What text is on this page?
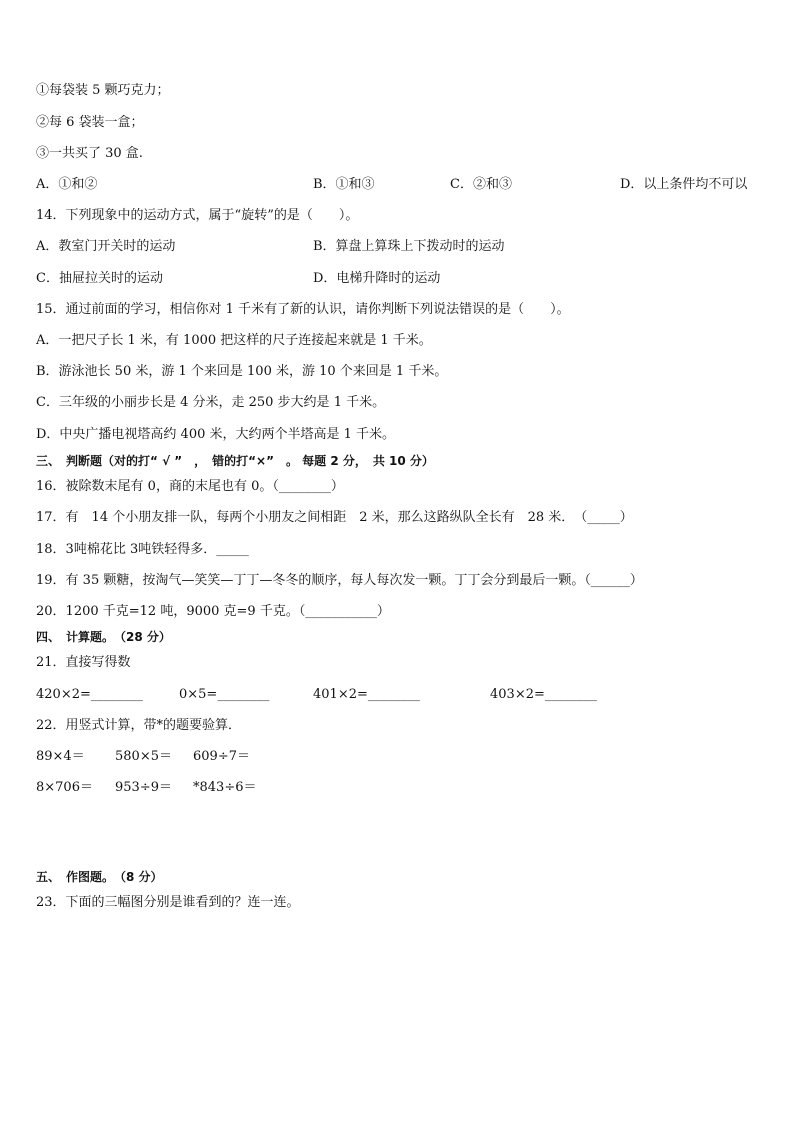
①每袋装 5 颗巧克力；
②每 6 袋装一盒；
③一共买了 30 盒.
A．①和②	B．①和③	C．②和③	D．以上条件均不可以
14．下列现象中的运动方式，属于“旋转”的是（　　）。
A．教室门开关时的运动	B．算盘上算珠上下拨动时的运动
C．抽屉拉关时的运动	D．电梯升降时的运动
15．通过前面的学习，相信你对 1 千米有了新的认识，请你判断下列说法错误的是（　　）。
A．一把尺子长 1 米，有 1000 把这样的尺子连接起来就是 1 千米。
B．游泳池长 50 米，游 1 个来回是 100 米，游 10 个来回是 1 千米。
C．三年级的小丽步长是 4 分米，走 250 步大约是 1 千米。
D．中央广播电视塔高约 400 米，大约两个半塔高是 1 千米。
三、　判断题（对的打“ √ ”　，　错的打“×”　。 每题 2 分，　共 10 分）
16．被除数末尾有 0，商的末尾也有 0。（________）
17．有　14 个小朋友排一队，每两个小朋友之间相距　2 米，那么这路纵队全长有　28 米．　（_____）
18．3吨棉花比 3吨铁轻得多．_____
19．有 35 颗糖，按淘气—笑笑—丁丁—冬冬的顺序，每人每次发一颗。丁丁会分到最后一颗。（______）
20．1200 千克=12 吨，9000 克=9 千克。（___________）
四、　计算题。　（28 分）
21．直接写得数
420×2=________	0×5=________	401×2=________	403×2=________
22．用竖式计算，带*的题要验算．
89×4＝ 580×5＝ 609÷7＝
8×706＝ 953÷9＝ *843÷6＝
五、　作图题。　（8 分）
23．下面的三幅图分别是谁看到的？连一连。
